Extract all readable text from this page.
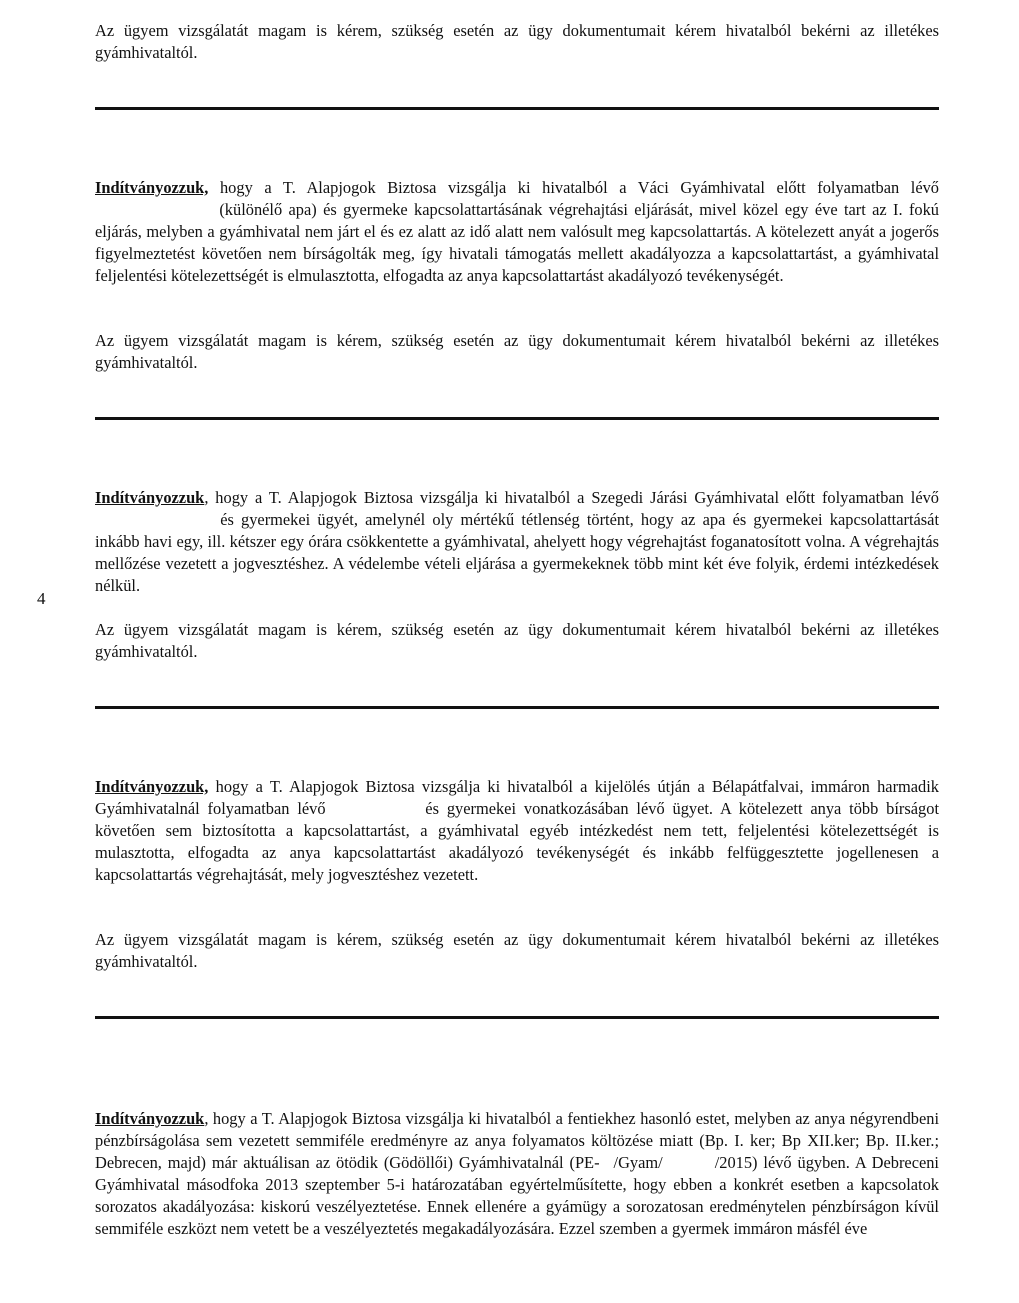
Az ügyem vizsgálatát magam is kérem, szükség esetén az ügy dokumentumait kérem hivatalból bekérni az illetékes gyámhivataltól.

Indítványozzuk, hogy a T. Alapjogok Biztosa vizsgálja ki hivatalból a Váci Gyámhivatal előtt folyamatban lévő  (különélő apa) és gyermeke kapcsolattartásának végrehajtási eljárását, mivel közel egy éve tart az I. fokú eljárás, melyben a gyámhivatal nem járt el és ez alatt az idő alatt nem valósult meg kapcsolattartás. A kötelezett anyát a jogerős figyelmeztetést követően nem bírságolták meg, így hivatali támogatás mellett akadályozza a kapcsolattartást, a gyámhivatal feljelentési kötelezettségét is elmulasztotta, elfogadta az anya kapcsolattartást akadályozó tevékenységét.

Az ügyem vizsgálatát magam is kérem, szükség esetén az ügy dokumentumait kérem hivatalból bekérni az illetékes gyámhivataltól.

Indítványozzuk, hogy a T. Alapjogok Biztosa vizsgálja ki hivatalból a Szegedi Járási Gyámhivatal előtt folyamatban lévő  és gyermekei ügyét, amelynél oly mértékű tétlenség történt, hogy az apa és gyermekei kapcsolattartását inkább havi egy, ill. kétszer egy órára csökkentette a gyámhivatal, ahelyett hogy végrehajtást foganatosított volna. A végrehajtás mellőzése vezetett a jogvesztéshez. A védelembe vételi eljárása a gyermekeknek több mint két éve folyik, érdemi intézkedések nélkül.

4

Az ügyem vizsgálatát magam is kérem, szükség esetén az ügy dokumentumait kérem hivatalból bekérni az illetékes gyámhivataltól.

Indítványozzuk, hogy a T. Alapjogok Biztosa vizsgálja ki hivatalból a kijelölés útján a Bélapátfalvai, immáron harmadik Gyámhivatalnál folyamatban lévő	és gyermekei vonatkozásában lévő ügyet. A kötelezett anya több bírságot követően sem biztosította a kapcsolattartást, a gyámhivatal egyéb intézkedést nem tett, feljelentési kötelezettségét is mulasztotta, elfogadta az anya kapcsolattartást akadályozó tevékenységét és inkább felfüggesztette jogellenesen a kapcsolattartás végrehajtását, mely jogvesztéshez vezetett.

Az ügyem vizsgálatát magam is kérem, szükség esetén az ügy dokumentumait kérem hivatalból bekérni az illetékes gyámhivataltól.

Indítványozzuk, hogy a T. Alapjogok Biztosa vizsgálja ki hivatalból a fentiekhez hasonló estet, melyben az anya négyrendbeni pénzbírságolása sem vezetett semmiféle eredményre az anya folyamatos költözése miatt (Bp. I. ker; Bp XII.ker; Bp. II.ker.; Debrecen, majd) már aktuálisan az ötödik (Gödöllői) Gyámhivatalnál (PE- /Gyam/	/2015) lévő ügyben. A Debreceni Gyámhivatal másodfoka 2013 szeptember 5-i határozatában egyértelműsítette, hogy ebben a konkrét esetben a kapcsolatok sorozatos akadályozása: kiskorú veszélyeztetése. Ennek ellenére a gyámügy a sorozatosan eredménytelen pénzbírságon kívül semmiféle eszközt nem vetett be a veszélyeztetés megakadályozására. Ezzel szemben a gyermek immáron másfél éve
